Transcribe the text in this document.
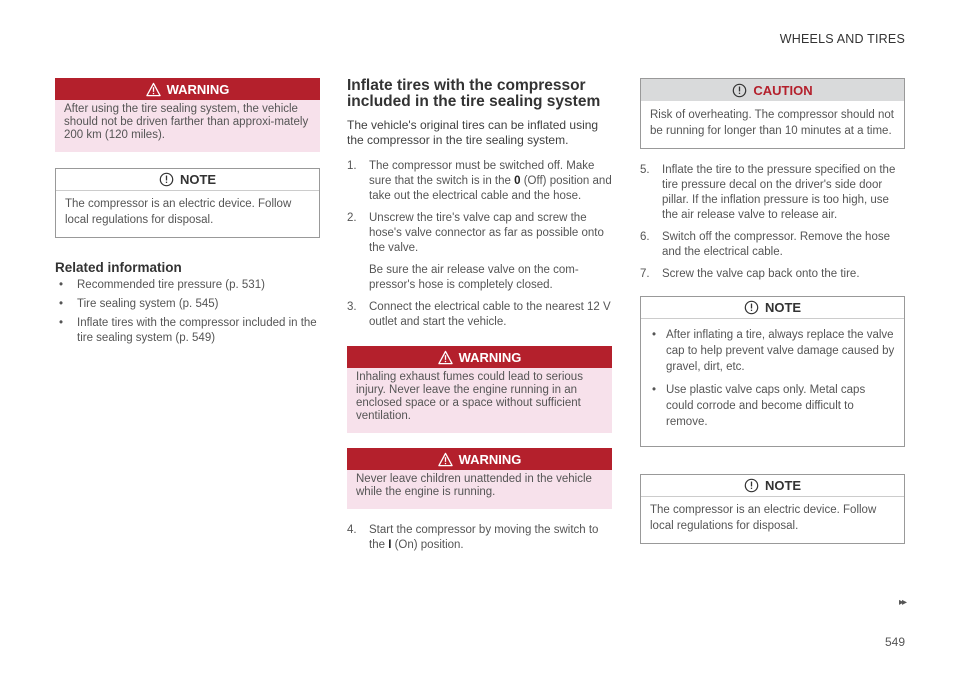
WHEELS AND TIRES
WARNING
After using the tire sealing system, the vehicle should not be driven farther than approxi-mately 200 km (120 miles).
NOTE
The compressor is an electric device. Follow local regulations for disposal.
Related information
• Recommended tire pressure (p. 531)
• Tire sealing system (p. 545)
• Inflate tires with the compressor included in the tire sealing system (p. 549)
Inflate tires with the compressor included in the tire sealing system

The vehicle's original tires can be inflated using the compressor in the tire sealing system.

1. The compressor must be switched off. Make sure that the switch is in the 0 (Off) position and take out the electrical cable and the hose.
2. Unscrew the tire's valve cap and screw the hose's valve connector as far as possible onto the valve.
Be sure the air release valve on the com-pressor's hose is completely closed.
3. Connect the electrical cable to the nearest 12 V outlet and start the vehicle.
WARNING
Inhaling exhaust fumes could lead to serious injury. Never leave the engine running in an enclosed space or a space without sufficient ventilation.
WARNING
Never leave children unattended in the vehicle while the engine is running.
4. Start the compressor by moving the switch to the I (On) position.
CAUTION
Risk of overheating. The compressor should not be running for longer than 10 minutes at a time.
5. Inflate the tire to the pressure specified on the tire pressure decal on the driver's side door pillar. If the inflation pressure is too high, use the air release valve to release air.
6. Switch off the compressor. Remove the hose and the electrical cable.
7. Screw the valve cap back onto the tire.
NOTE
• After inflating a tire, always replace the valve cap to help prevent valve damage caused by gravel, dirt, etc.
• Use plastic valve caps only. Metal caps could corrode and become difficult to remove.
NOTE
The compressor is an electric device. Follow local regulations for disposal.
▸▸
549
